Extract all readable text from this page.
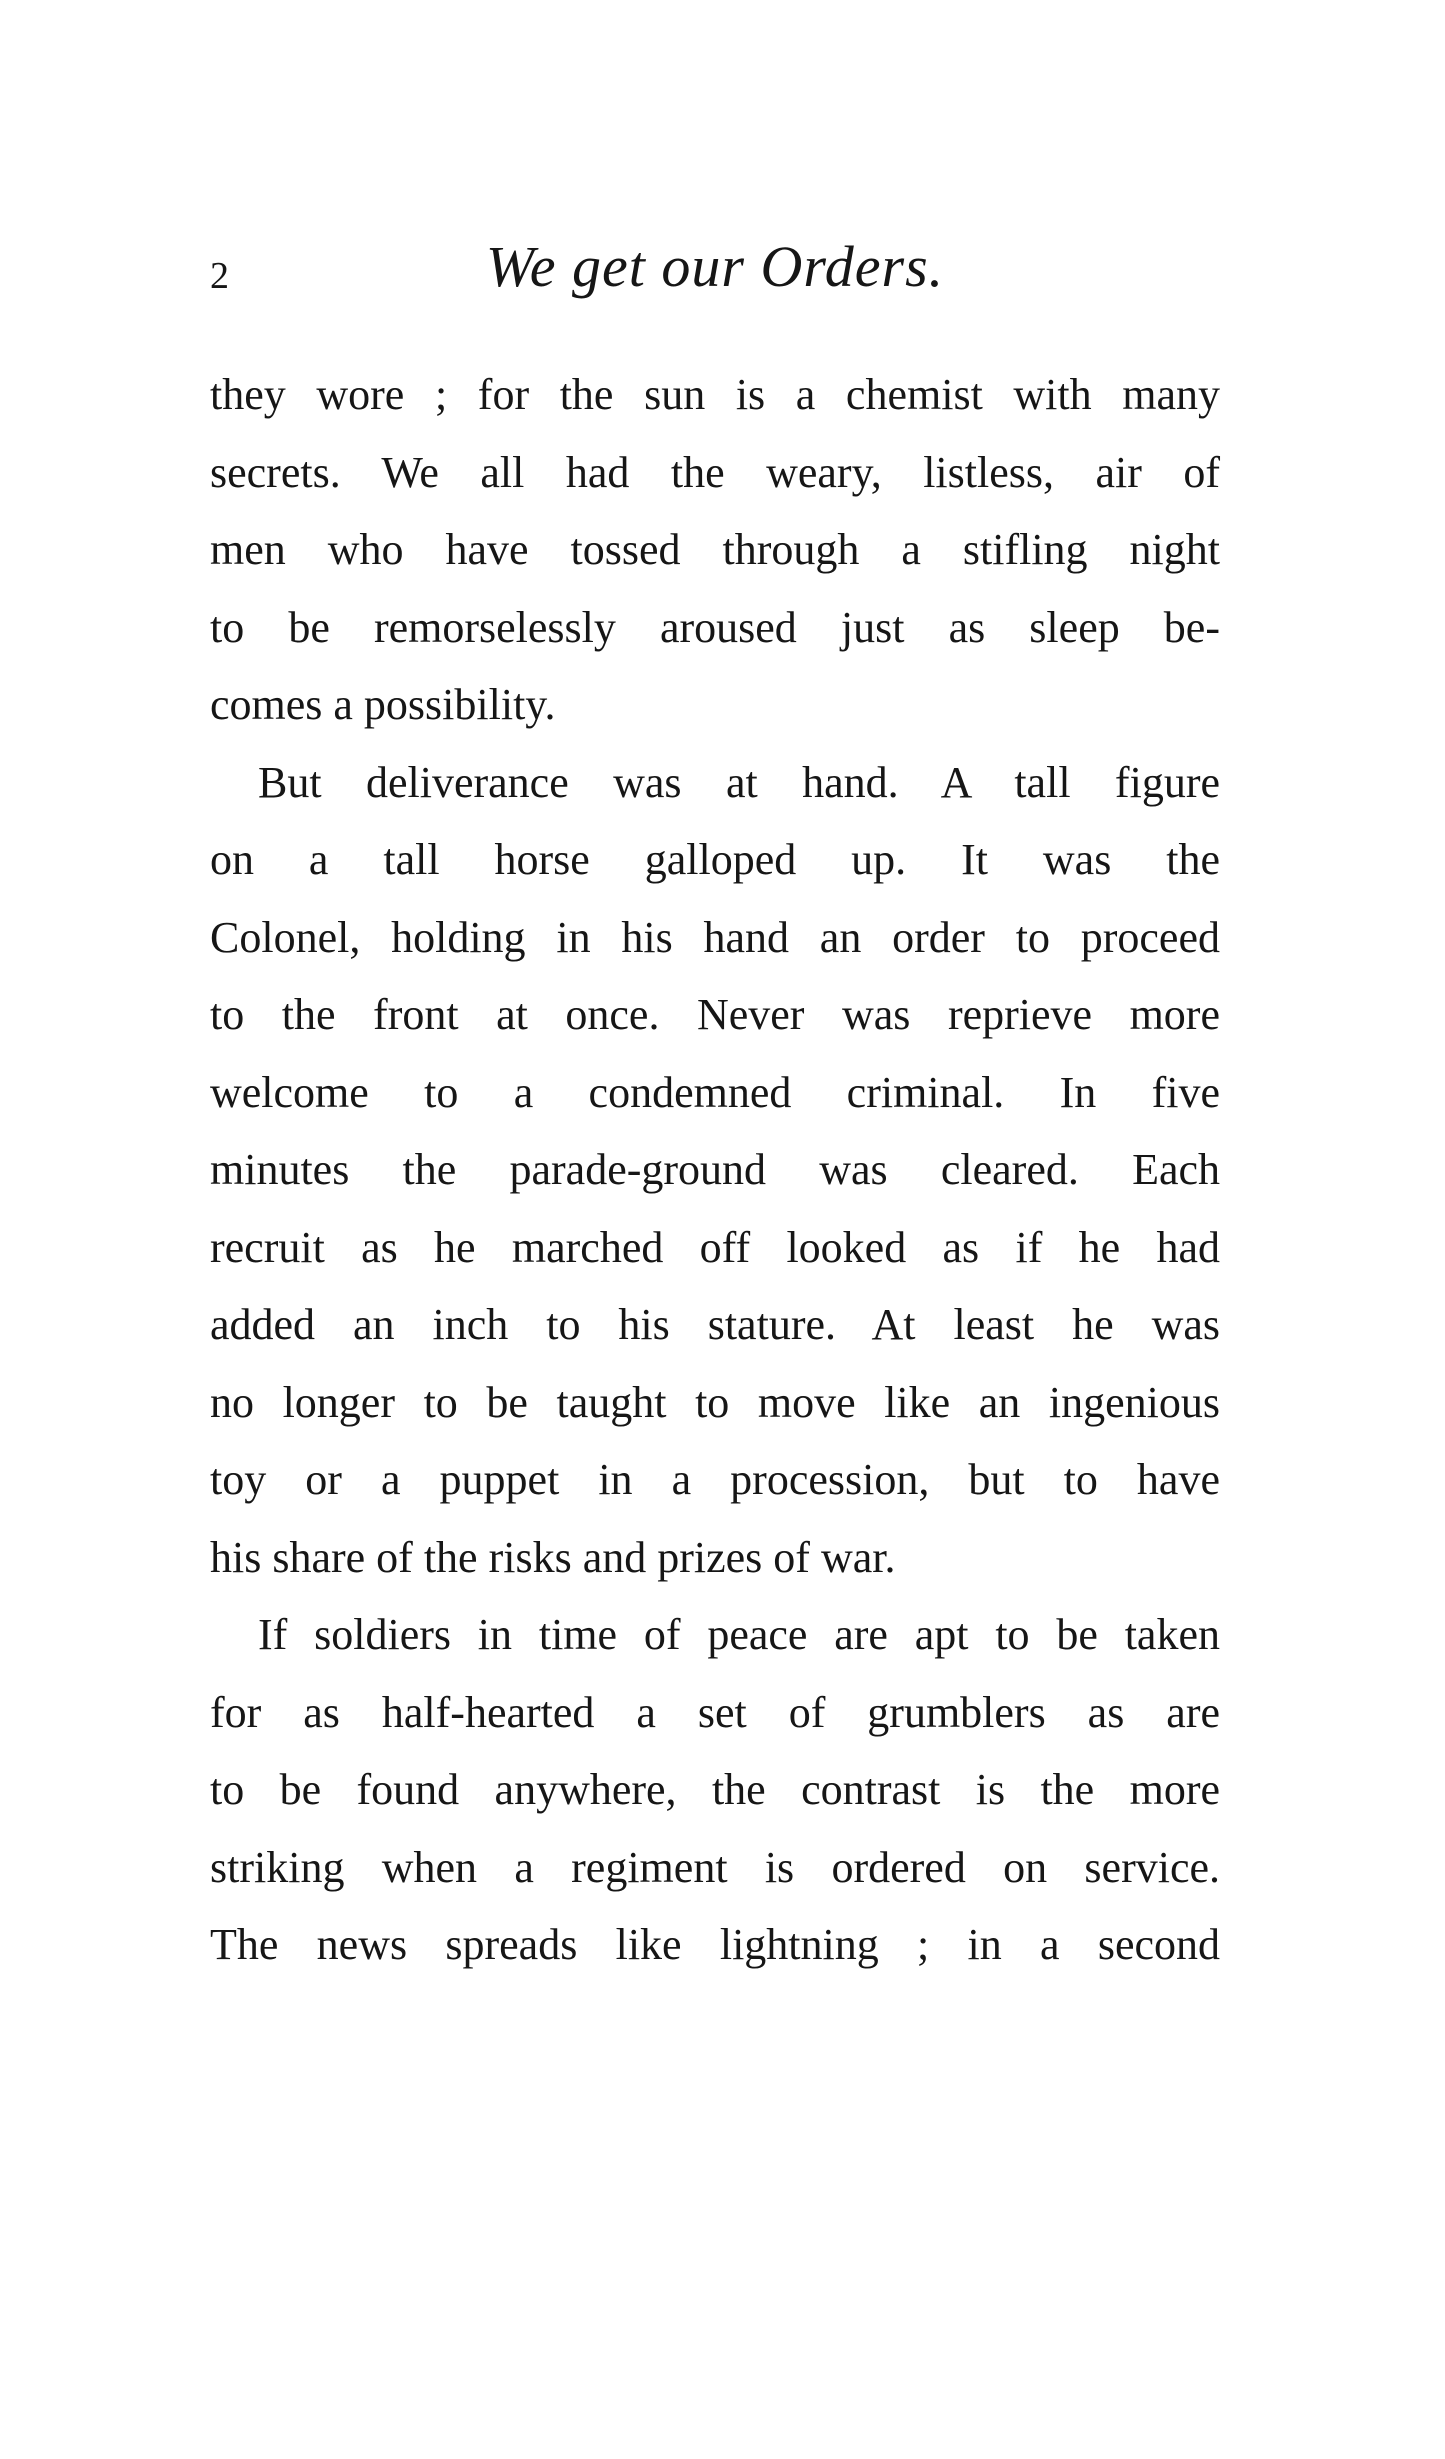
2	We get our Orders.
they wore ; for the sun is a chemist with many
secrets. We all had the weary, listless, air of
men who have tossed through a stifling night
to be remorselessly aroused just as sleep be-
comes a possibility.
But deliverance was at hand. A tall figure
on a tall horse galloped up. It was the
Colonel, holding in his hand an order to proceed
to the front at once. Never was reprieve more
welcome to a condemned criminal. In five
minutes the parade-ground was cleared. Each
recruit as he marched off looked as if he had
added an inch to his stature. At least he was
no longer to be taught to move like an ingenious
toy or a puppet in a procession, but to have
his share of the risks and prizes of war.
If soldiers in time of peace are apt to be taken
for as half-hearted a set of grumblers as are
to be found anywhere, the contrast is the more
striking when a regiment is ordered on service.
The news spreads like lightning ; in a second
